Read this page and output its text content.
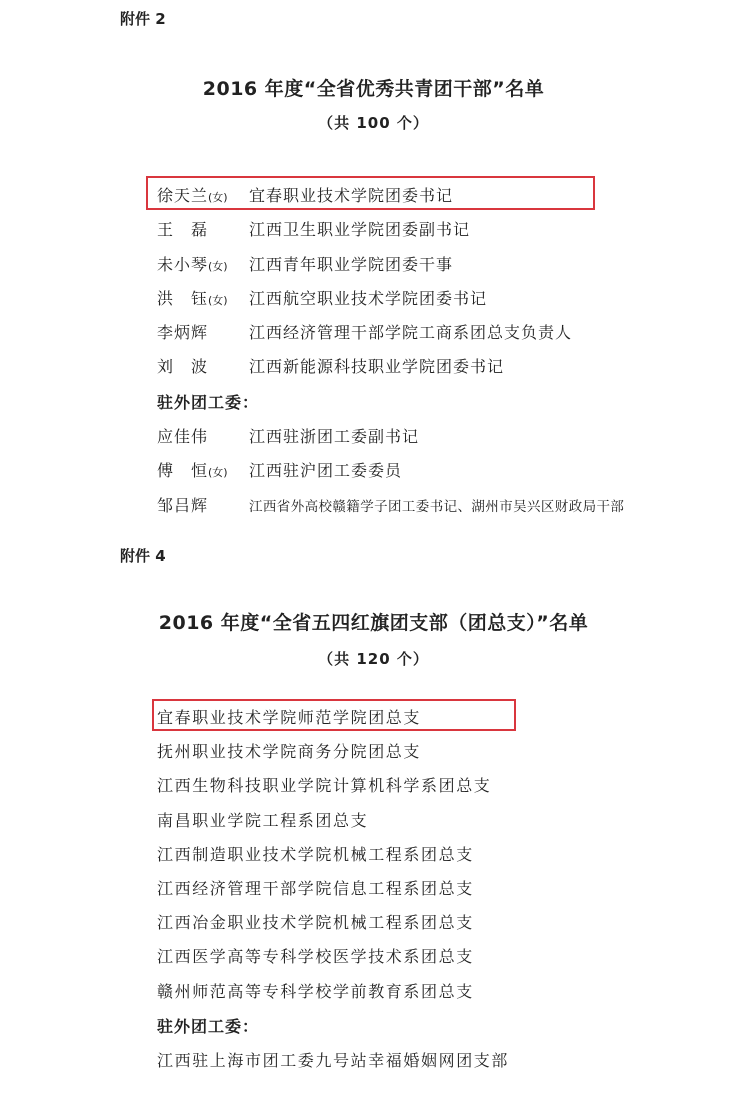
附件 2
2016 年度“全省优秀共青团干部”名单
（共 100 个）
徐天兰(女) 宜春职业技术学院团委书记
王　磊	江西卫生职业学院团委副书记
未小琴(女) 江西青年职业学院团委干事
洪　钰(女) 江西航空职业技术学院团委书记
李炳辉	江西经济管理干部学院工商系团总支负责人
刘　波	江西新能源科技职业学院团委书记
驻外团工委：
应佳伟	江西驻浙团工委副书记
傅　恒(女) 江西驻沪团工委委员
邹吕辉	江西省外高校赣籍学子团工委书记、湖州市吴兴区财政局干部
附件 4
2016 年度“全省五四红旗团支部（团总支）”名单
（共 120 个）
宜春职业技术学院师范学院团总支
抚州职业技术学院商务分院团总支
江西生物科技职业学院计算机科学系团总支
南昌职业学院工程系团总支
江西制造职业技术学院机械工程系团总支
江西经济管理干部学院信息工程系团总支
江西冶金职业技术学院机械工程系团总支
江西医学高等专科学校医学技术系团总支
赣州师范高等专科学校学前教育系团总支
驻外团工委：
江西驻上海市团工委九号站幸福婚姻网团支部
